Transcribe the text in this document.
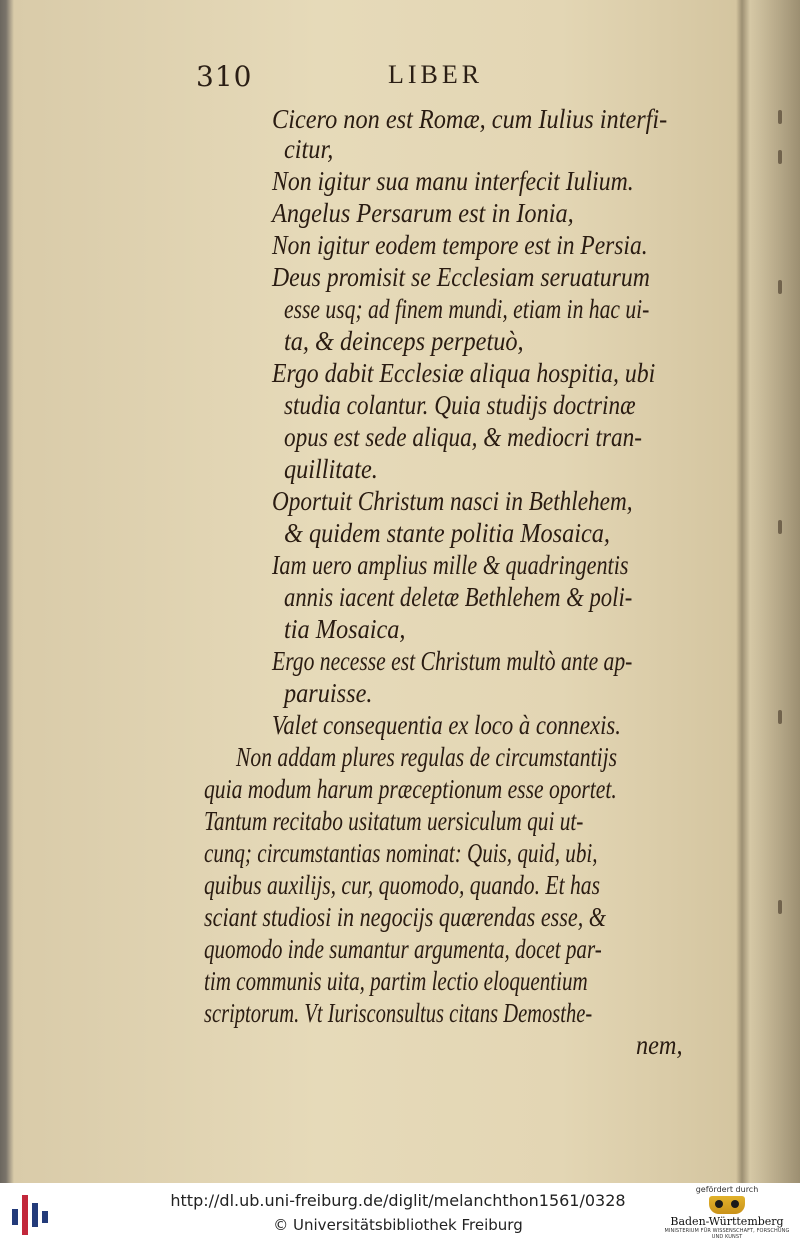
310	LIBER
Cicero non est Romæ, cum Iulius interfi-
citur,
Non igitur sua manu interfecit Iulium.
Angelus Persarum est in Ionia,
Non igitur eodem tempore est in Persia.
Deus promisit se Ecclesiam seruaturum
esse usq; ad finem mundi, etiam in hac ui-
ta, & deinceps perpetuò,
Ergo dabit Ecclesiæ aliqua hospitia, ubi
studia colantur. Quia studijs doctrinæ
opus est sede aliqua, & mediocri tran-
quillitate.
Oportuit Christum nasci in Bethlehem,
& quidem stante politia Mosaica,
Iam uero amplius mille & quadringentis
annis iacent deletæ Bethlehem & poli-
tia Mosaica,
Ergo necesse est Christum multò ante ap-
paruisse.
Valet consequentia ex loco à connexis.
Non addam plures regulas de circumstantijs
quia modum harum præceptionum esse oportet.
Tantum recitabo usitatum uersiculum qui ut-
cunq; circumstantias nominat: Quis, quid, ubi,
quibus auxilijs, cur, quomodo, quando. Et has
sciant studiosi in negocijs quærendas esse, &
quomodo inde sumantur argumenta, docet par-
tim communis uita, partim lectio eloquentium
scriptorum. Vt Iurisconsultus citans Demosthe-
nem,
http://dl.ub.uni-freiburg.de/diglit/melanchthon1561/0328
© Universitätsbibliothek Freiburg
gefördert durch
Baden-Württemberg
MINISTERIUM FÜR WISSENSCHAFT, FORSCHUNG UND KUNST
